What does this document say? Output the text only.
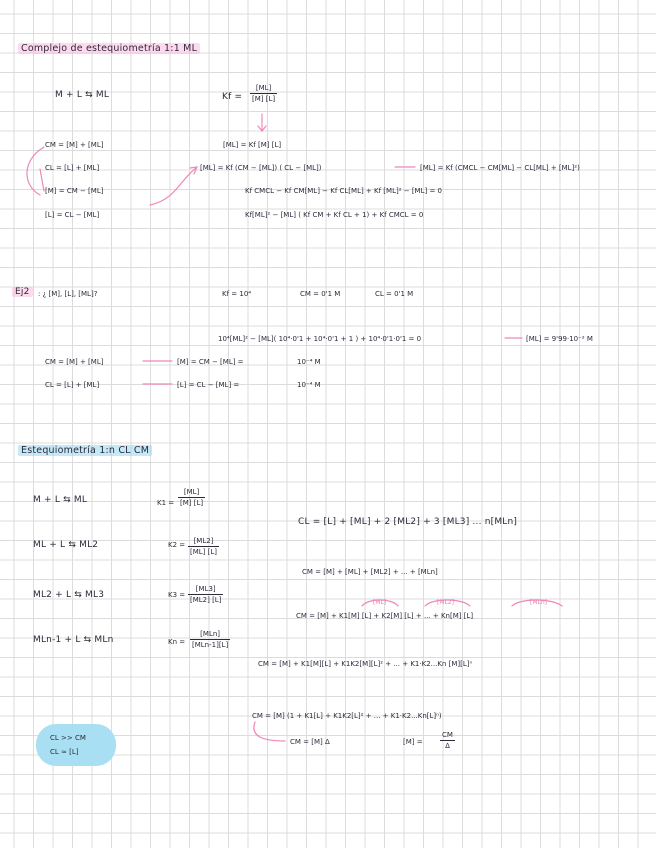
Complejo de estequiometría 1:1 ML
M + L ⇆ ML	$Kf = \frac{[ML]}{[M] [L]}$
[ML] = Kf [M] [L]
CM = [M] + [ML]
CL = [L] + [ML]
[M] = CM − [ML]
[L] = CL − [ML]
[ML] = Kf (CM − [ML]) ( CL − [ML])	[ML] = Kf (CMCL − CM[ML] − CL[ML] + [ML]²)
Kf CMCL − Kf CM[ML] − Kf CL[ML] + Kf [ML]² − [ML] = 0
Kf[ML]² − [ML] ( Kf CM + Kf CL + 1) + Kf CMCL = 0
Ej2	: ¿ [M], [L], [ML]?	Kf = 10⁴	CM = 0'1 M	CL = 0'1 M
10⁴[ML]² − [ML]( 10⁴·0'1 + 10⁴·0'1 + 1 ) + 10⁴·0'1·0'1 = 0	[ML] = 9'99·10⁻² M
CM = [M] + [ML]
CL = [L] + [ML]
[M] = CM − [ML] =	10⁻⁴ M
[L] = CL − [ML] =	10⁻⁴ M
Estequiometría 1:n CL CM
M + L ⇆ ML	$K1 = \frac{[ML]}{[M] [L]}$
ML + L ⇆ ML2	$K2 = \frac{[ML2]}{[ML] [L]}$
ML2 + L ⇆ ML3	$K3 = \frac{[ML3]}{[ML2] [L]}$
MLn-1 + L ⇆ MLn	Kn =
[MLn]
[MLn-1][L]
CL = [L] + [ML] + 2 [ML2] + 3 [ML3] ... n[MLn]
CM = [M] + [ML] + [ML2] + ... + [MLn]
[ML]	[ML2]	[MLn]
CM = [M] + K1[M] [L] + K2[M] [L] + ... + Kn[M] [L]
CM = [M] + K1[M][L] + K1K2[M][L]² + ... + K1·K2...Kn [M][L]ⁿ
CM = [M] (1 + K1[L] + K1K2[L]² + ... + K1·K2...Kn[L]ⁿ)
CM = [M] Δ	$[M] = \frac{CM}{\Delta}$
CL >> CM
CL ≈ [L]
